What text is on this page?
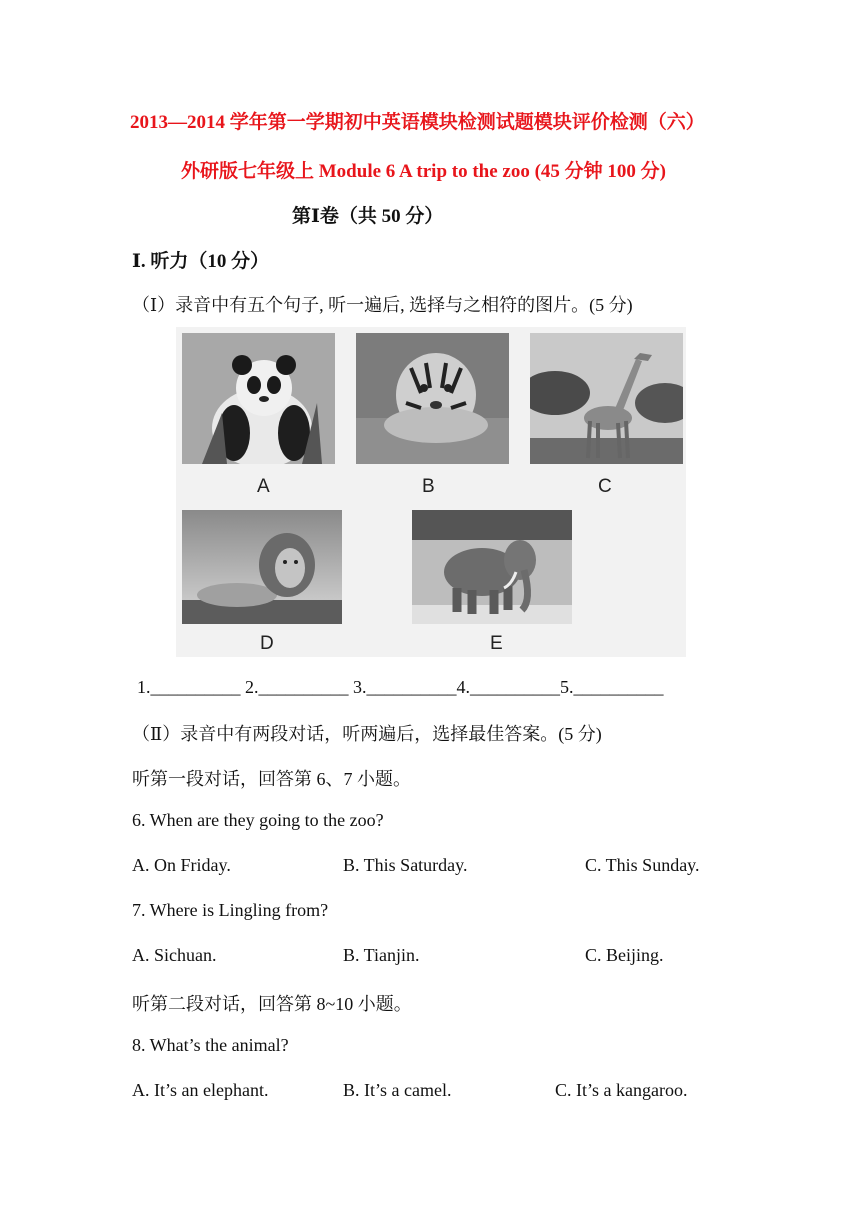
2013—2014 学年第一学期初中英语模块检测试题模块评价检测（六）
外研版七年级上 Module 6 A trip to the zoo (45 分钟 100 分)
第Ⅰ卷（共 50 分）
Ⅰ. 听力（10 分）
（Ⅰ）录音中有五个句子, 听一遍后, 选择与之相符的图片。(5 分)
A	B	C
D	E
1.__________ 2.__________ 3.__________4.__________5.__________
（Ⅱ）录音中有两段对话，听两遍后，选择最佳答案。(5 分)
听第一段对话，回答第 6、7 小题。
6. When are they going to the zoo?
A. On Friday.	B. This Saturday.	C. This Sunday.
7. Where is Lingling from?
A. Sichuan.	B. Tianjin.	C. Beijing.
听第二段对话，回答第 8~10 小题。
8. What’s the animal?
A. It’s an elephant.	B. It’s a camel.	C. It’s a kangaroo.
